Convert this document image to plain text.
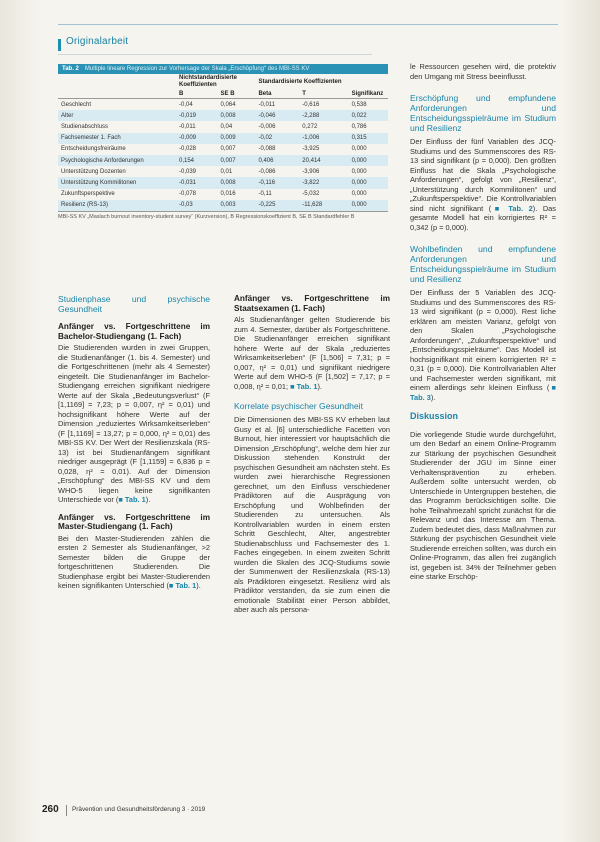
Originalarbeit
Tab. 2 Multiple lineare Regression zur Vorhersage der Skala „Erschöpfung“ des MBI-SS KV
	Nichtstandardisierte Koeffizienten		Standardisierte Koeffizienten		
	B	SE B	Beta	T	Signifikanz
Geschlecht	-0,04	0,064	-0,011	-0,616	0,538
Alter	-0,019	0,008	-0,046	-2,288	0,022
Studienabschluss	-0,011	0,04	-0,006	0,272	0,786
Fachsemester 1. Fach	-0,009	0,009	-0,02	-1,006	0,315
Entscheidungsfreiräume	-0,028	0,007	-0,088	-3,925	0,000
Psychologische Anforderungen	0,154	0,007	0,406	20,414	0,000
Unterstützung Dozenten	-0,039	0,01	-0,086	-3,906	0,000
Unterstützung Kommilitonen	-0,031	0,008	-0,116	-3,822	0,000
Zukunftsperspektive	-0,078	0,016	-0,11	-5,032	0,000
Resilienz (RS-13)	-0,03	0,003	-0,225	-11,628	0,000
MBI-SS KV „Maslach burnout inventory-student survey“ (Kurzversion), B Regressionskoeffizient B, SE B Standardfehler B

le Ressourcen gesehen wird, die protektiv den Umgang mit Stress beeinflusst.

Erschöpfung und empfundene Anforderungen und Entscheidungsspielräume im Studium und Resilienz

Der Einfluss der fünf Variablen des JCQ-Studiums und des Summenscores des RS-13 sind signifikant (p = 0,000). Den größten Einfluss hat die Skala „Psychologische Anforderungen“, gefolgt von „Resilienz“, „Unterstützung durch Kommilitonen“ und „Zukunftsperspektive“. Die Kontrollvariablen sind nicht signifikant (■ Tab. 2). Das gesamte Modell hat ein korrigiertes R² = 0,342 (p = 0,000).

Wohlbefinden und empfundene Anforderungen und Entscheidungsspielräume im Studium und Resilienz

Der Einfluss der 5 Variablen des JCQ-Studiums und des Summenscores des RS-13 wird signifikant (p = 0,000). Rest liche erklären am meisten Varianz, gefolgt von den Skalen „Psychologische Anforderungen“, „Zukunftsperspektive“ und „Entscheidungsspielräume“. Das Modell ist hochsignifikant mit einem korrigierten R² = 0,31 (p = 0,000). Die Kontrollvariablen Alter und Fachsemester werden signifikant, mit einem allerdings sehr kleinen Einfluss (■ Tab. 3).

Diskussion

Die vorliegende Studie wurde durchgeführt, um den Bedarf an einem Online-Programm zur Stärkung der psychischen Gesundheit Studierender der JGU im Sinne einer Verhaltensprävention zu erheben. Außerdem sollte untersucht werden, ob Unterschiede in Untergruppen bestehen, die das Programm berücksichtigen sollte. Die hohe Teilnahmezahl spricht zunächst für die Relevanz und das Interesse am Thema. Zudem bedeutet dies, dass Maßnahmen zur Stärkung der psychischen Gesundheit viele Studierende erreichen sollten, was durch ein Online-Programm, das allen frei zugänglich ist, gegeben ist. 34% der Teilnehmer geben eine starke Erschöp-

Studienphase und psychische Gesundheit
Anfänger vs. Fortgeschrittene im Bachelor-Studiengang (1. Fach)

Die Studierenden wurden in zwei Gruppen, die Studienanfänger (1. bis 4. Semester) und die Fortgeschrittenen (mehr als 4 Semester) eingeteilt. Die Studienanfänger im Bachelor-Studiengang erreichen signifikant niedrigere Werte auf der Skala „Bedeutungsverlust“ (F [1,1169] = 7,23; p = 0,007, η² = 0,01) und hochsignifikant höhere Werte auf der Dimension „reduziertes Wirksamkeitserleben“ (F [1,1169] = 13,27; p = 0,000, η² = 0,01) des MBI-SS KV. Der Wert der Resilienzskala (RS-13) ist bei Studienanfängern signifikant niedriger ausgeprägt (F [1,1159] = 6,836 p = 0,028, η² = 0,01). Auf der Dimension „Erschöpfung“ des MBI-SS KV und dem WHO-5 liegen keine signifikanten Unterschiede vor (■ Tab. 1).

Anfänger vs. Fortgeschrittene im Master-Studiengang (1. Fach)

Bei den Master-Studierenden zählen die ersten 2 Semester als Studienanfänger, >2 Semester bilden die Gruppe der fortgeschrittenen Studierenden. Die Studienphase ergibt bei Master-Studierenden keinen signifikanten Unterschied (■ Tab. 1).

Anfänger vs. Fortgeschrittene im Staatsexamen (1. Fach)

Als Studienanfänger gelten Studierende bis zum 4. Semester, darüber als Fortgeschrittene. Die Studienanfänger erreichen signifikant höhere Werte auf der Skala „reduziertes Wirksamkeitserleben“ (F [1,506] = 7,31; p = 0,007, η² = 0,01) und signifikant niedrigere Werte auf dem WHO-5 (F [1,502] = 7,17; p = 0,008, η² = 0,01; ■ Tab. 1).

Korrelate psychischer Gesundheit

Die Dimensionen des MBI-SS KV erheben laut Gusy et al. [6] unterschiedliche Facetten von Burnout, hier interessiert vor hauptsächlich die Dimension „Erschöpfung“, welche dem hier zur Diskussion stehenden Konstrukt der psychischen Gesundheit am nächsten steht. Es wurden zwei hierarchische Regressionen gerechnet, um den Einfluss verschiedener Prädiktoren auf die Ausprägung von Erschöpfung und Wohlbefinden der Studierenden zu untersuchen. Als Kontrollvariablen wurden in einem ersten Schritt Geschlecht, Alter, angestrebter Studienabschluss und Fachsemester des 1. Faches eingegeben. In einem zweiten Schritt wurden die Skalen des JCQ-Studiums sowie der Summenwert der Resilienzskala (RS-13) als Prädiktoren eingesetzt. Resilienz wird als Prädiktor verstanden, da sie zum einen die emotionale Stabilität einer Person abbildet, aber auch als persona-

260 Prävention und Gesundheitsförderung 3 · 2019
